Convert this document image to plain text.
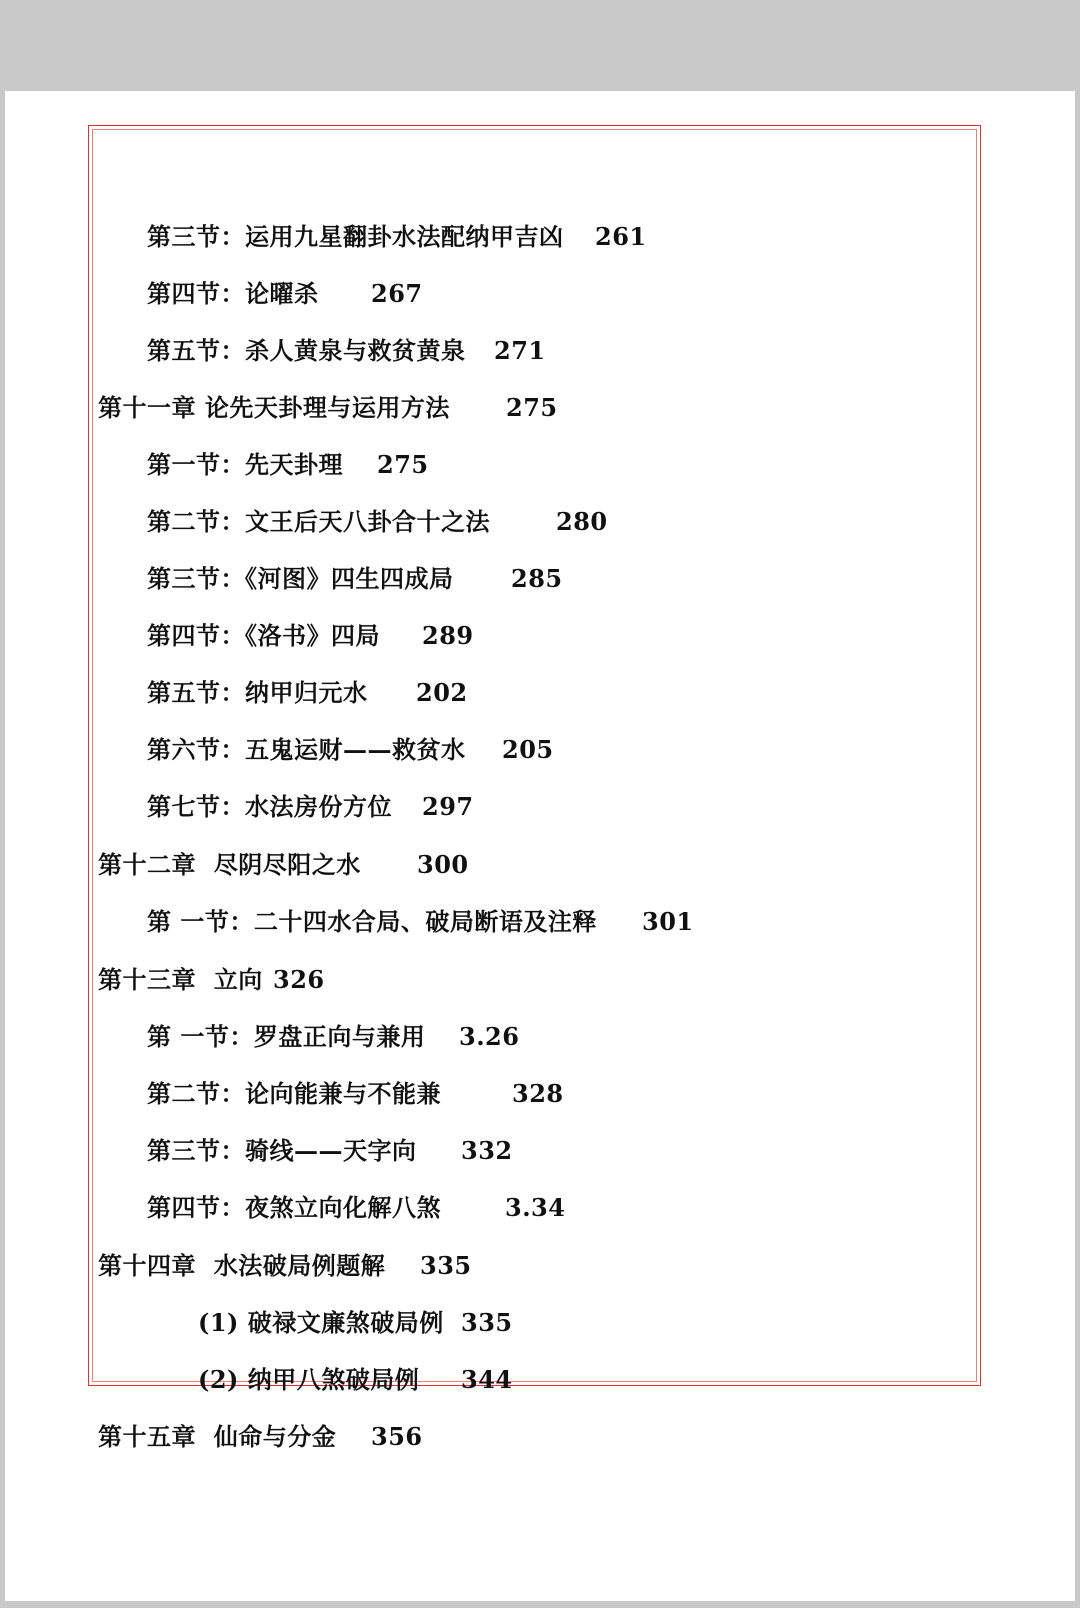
第三节：运用九星翻卦水法配纳甲吉凶 261
第四节：论曜杀 267
第五节：杀人黄泉与救贫黄泉 271
第十一章 论先天卦理与运用方法 275
第一节：先天卦理 275
第二节：文王后天八卦合十之法	280
第三节：《河图》四生四成局 285
第四节：《洛书》四局 289
第五节：纳甲归元水 202
第六节：五鬼运财——救贫水 205
第七节：水法房份方位 297
第十二章  尽阴尽阳之水 300
第 一节：二十四水合局、破局断语及注释 301
第十三章  立向 326
第 一节：罗盘正向与兼用 3.26
第二节：论向能兼与不能兼	328
第三节：骑线——天字向 332
第四节：夜煞立向化解八煞	3.34
第十四章  水法破局例题解 335
(1) 破禄文廉煞破局例 335
(2) 纳甲八煞破局例 344
第十五章  仙命与分金 356
